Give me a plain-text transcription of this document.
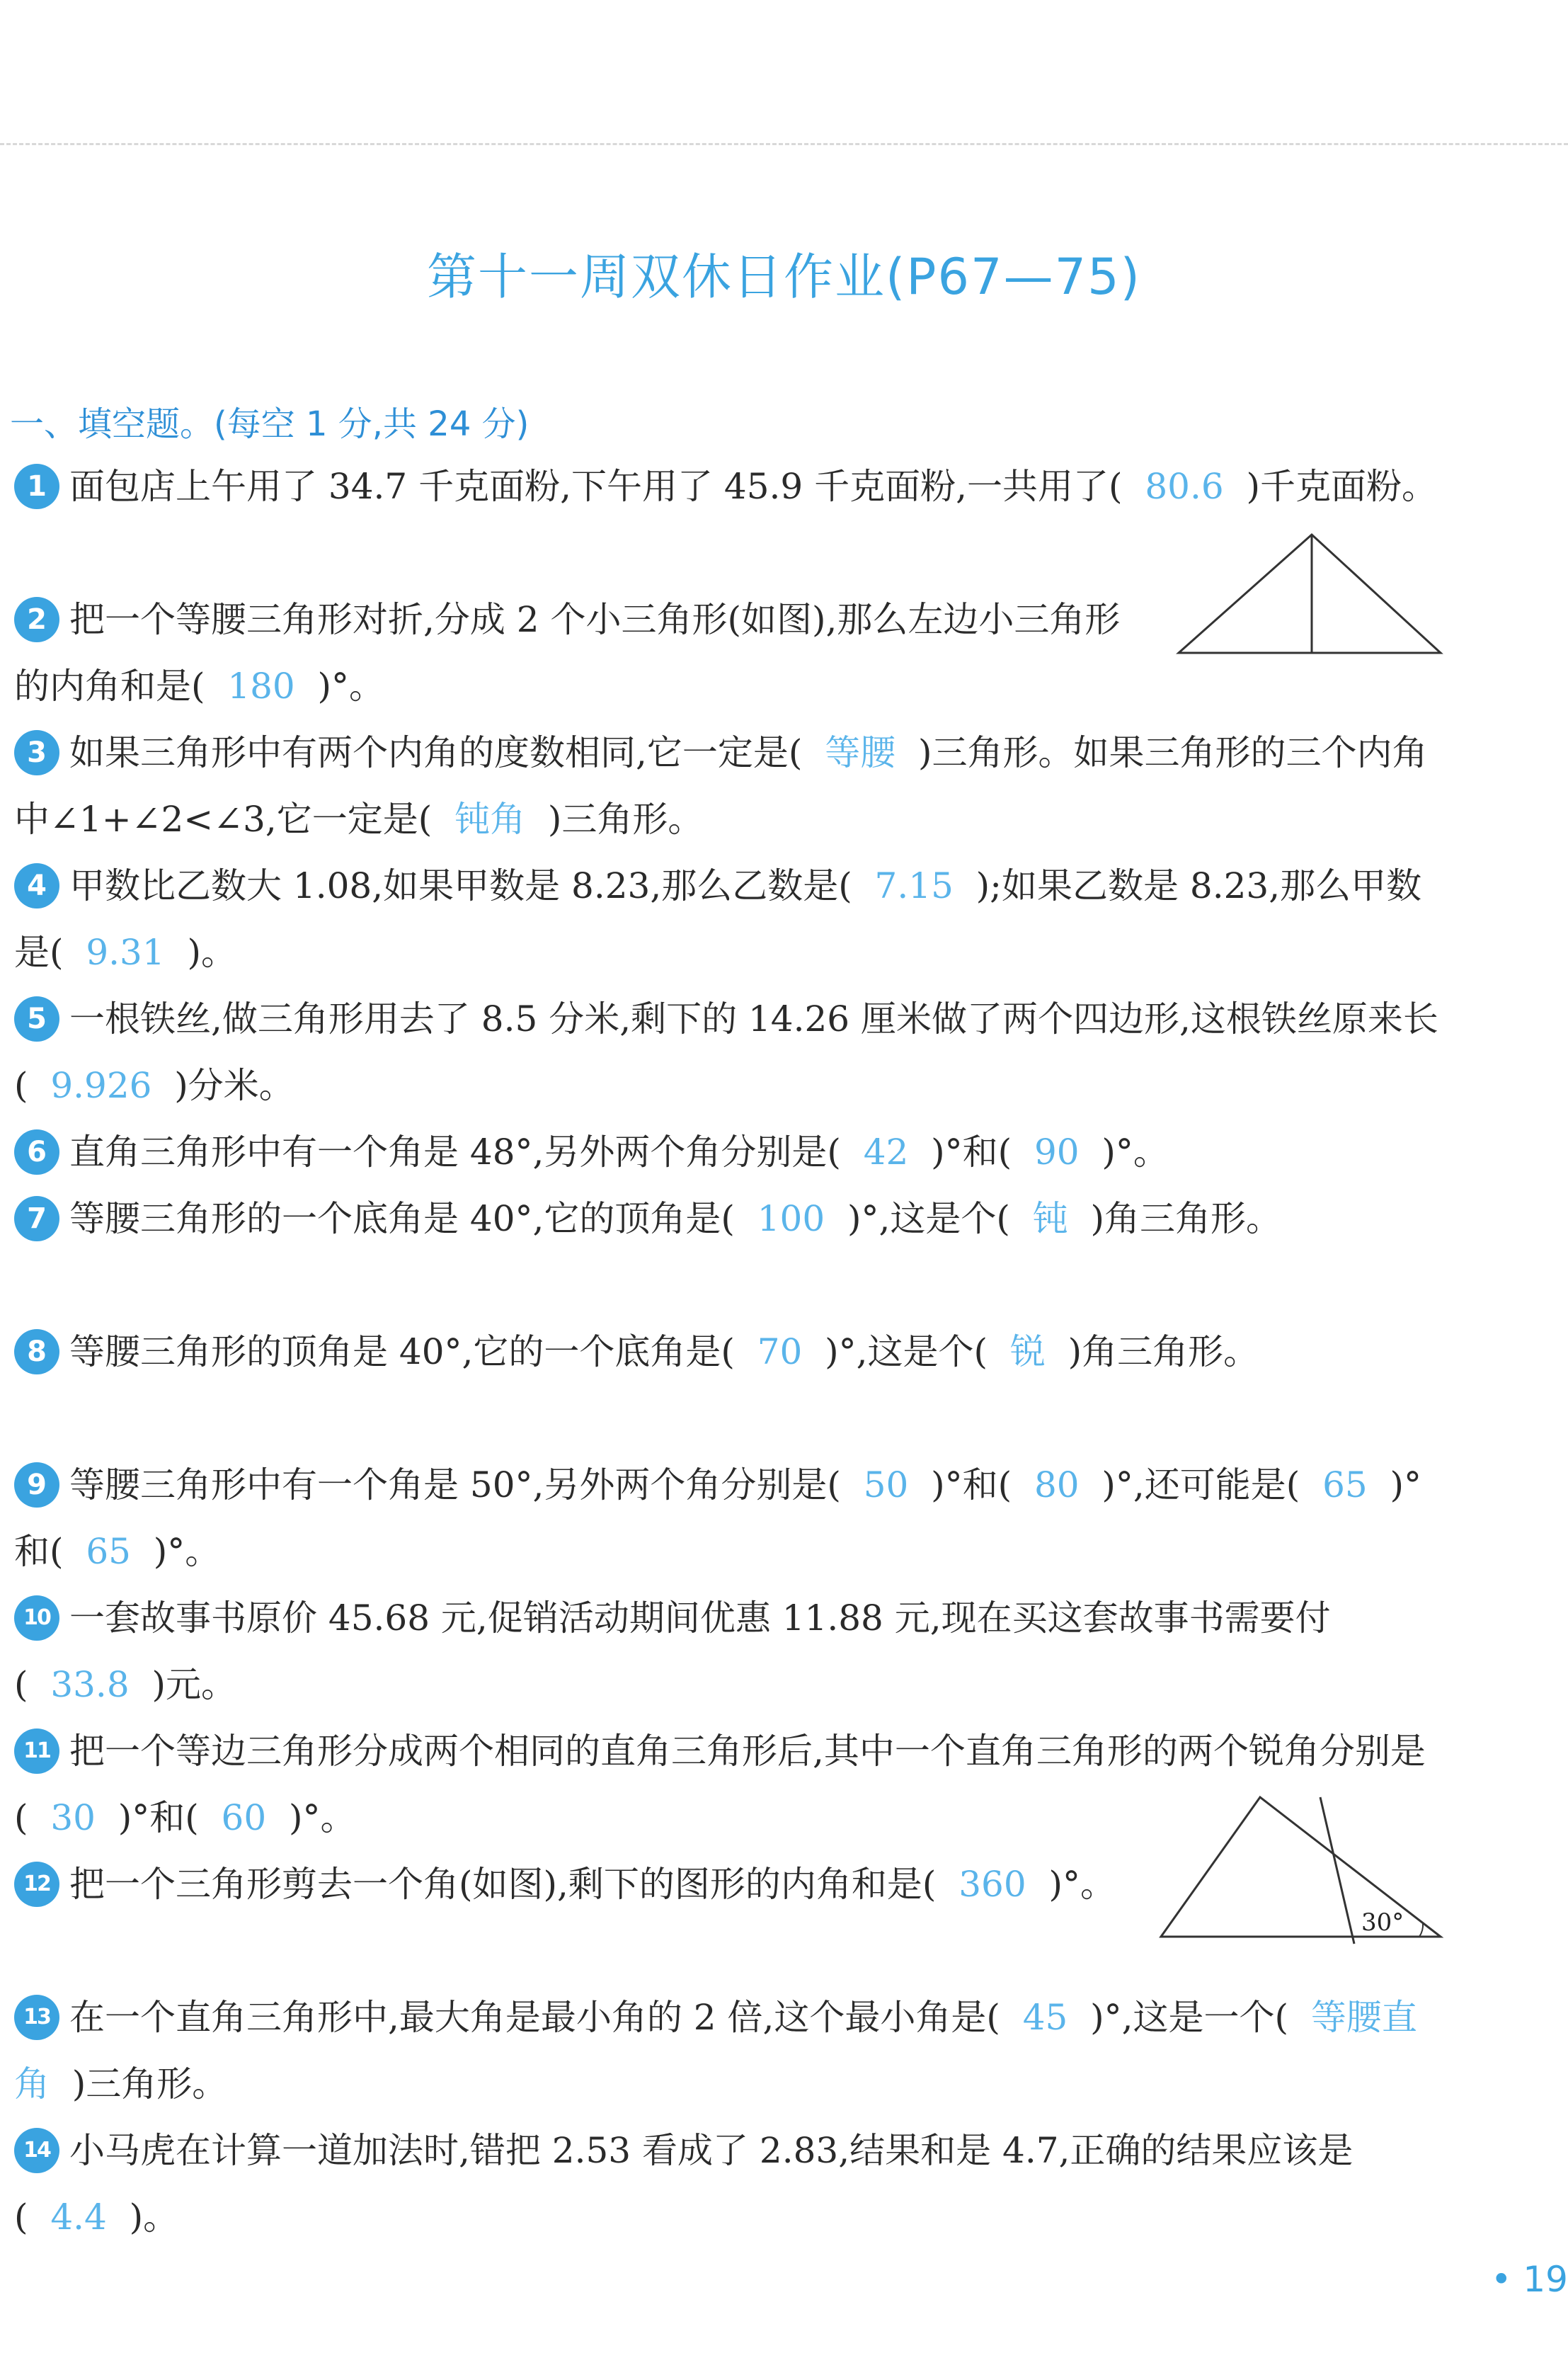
第十一周双休日作业(P67—75)
一、填空题。(每空 1 分,共 24 分)
1 面包店上午用了 34.7 千克面粉,下午用了 45.9 千克面粉,一共用了( 80.6 )千克面粉。
2 把一个等腰三角形对折,分成 2 个小三角形(如图),那么左边小三角形的内角和是( 180 )°。
3 如果三角形中有两个内角的度数相同,它一定是( 等腰 )三角形。如果三角形的三个内角中∠1+∠2<∠3,它一定是( 钝角 )三角形。
4 甲数比乙数大 1.08,如果甲数是 8.23,那么乙数是( 7.15 );如果乙数是 8.23,那么甲数是( 9.31 )。
5 一根铁丝,做三角形用去了 8.5 分米,剩下的 14.26 厘米做了两个四边形,这根铁丝原来长( 9.926 )分米。
6 直角三角形中有一个角是 48°,另外两个角分别是( 42 )°和( 90 )°。
7 等腰三角形的一个底角是 40°,它的顶角是( 100 )°,这是个( 钝 )角三角形。
8 等腰三角形的顶角是 40°,它的一个底角是( 70 )°,这是个( 锐 )角三角形。
9 等腰三角形中有一个角是 50°,另外两个角分别是( 50 )°和( 80 )°,还可能是( 65 )°和( 65 )°。
10 一套故事书原价 45.68 元,促销活动期间优惠 11.88 元,现在买这套故事书需要付( 33.8 )元。
11 把一个等边三角形分成两个相同的直角三角形后,其中一个直角三角形的两个锐角分别是( 30 )°和( 60 )°。
12 把一个三角形剪去一个角(如图),剩下的图形的内角和是( 360 )°。
30°
13 在一个直角三角形中,最大角是最小角的 2 倍,这个最小角是( 45 )°,这是一个( 等腰直角 )三角形。
14 小马虎在计算一道加法时,错把 2.53 看成了 2.83,结果和是 4.7,正确的结果应该是( 4.4 )。
• 19
